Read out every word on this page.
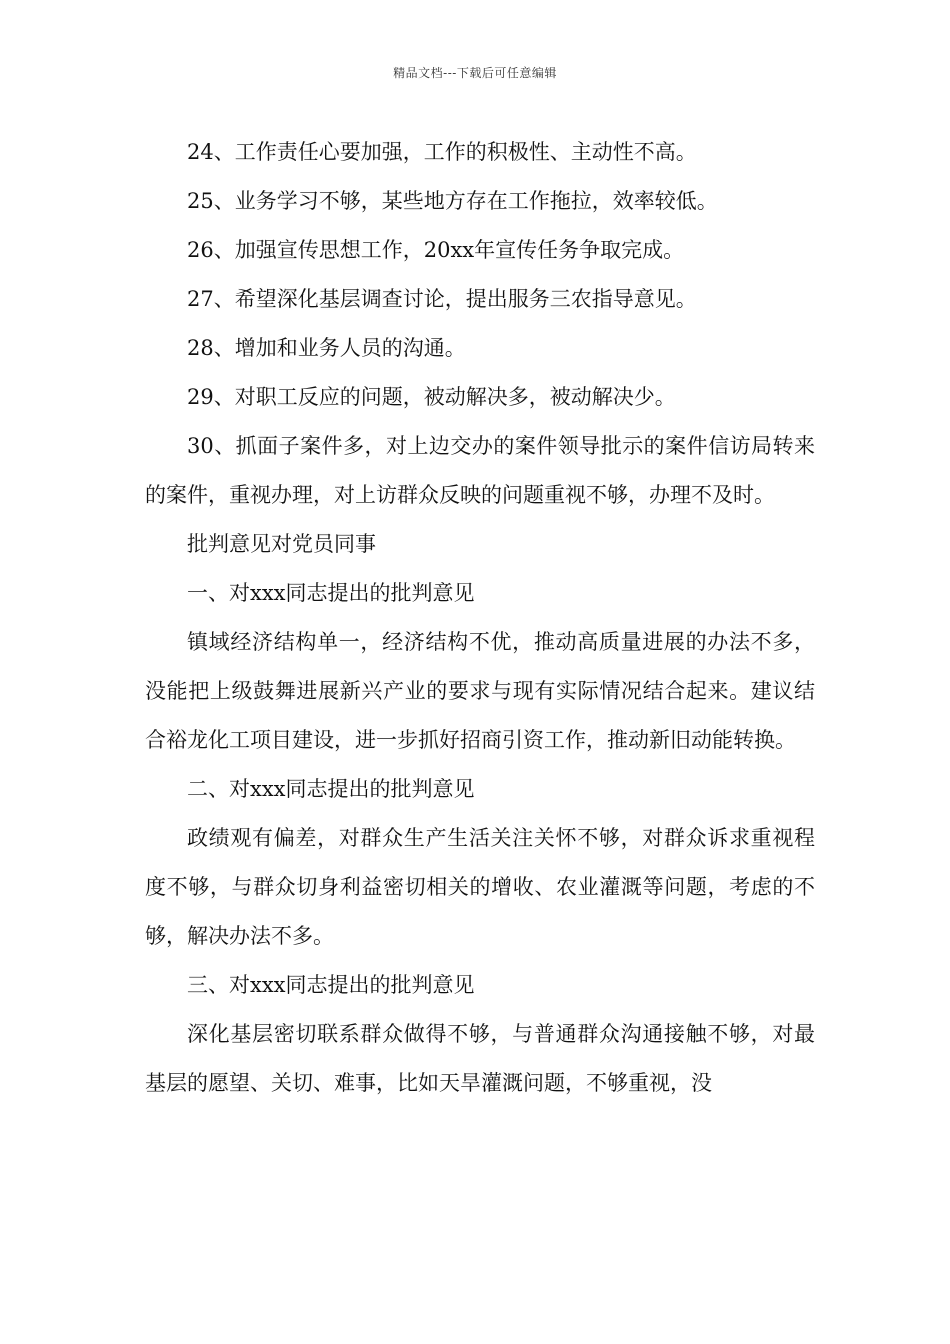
精品文档---下载后可任意编辑

24、工作责任心要加强，工作的积极性、主动性不高。

25、业务学习不够，某些地方存在工作拖拉，效率较低。

26、加强宣传思想工作，20xx年宣传任务争取完成。

27、希望深化基层调查讨论，提出服务三农指导意见。

28、增加和业务人员的沟通。

29、对职工反应的问题，被动解决多，被动解决少。

30、抓面子案件多，对上边交办的案件领导批示的案件信访局转来的案件，重视办理，对上访群众反映的问题重视不够，办理不及时。

批判意见对党员同事

一、对xxx同志提出的批判意见

镇域经济结构单一，经济结构不优，推动高质量进展的办法不多，没能把上级鼓舞进展新兴产业的要求与现有实际情况结合起来。建议结合裕龙化工项目建设，进一步抓好招商引资工作，推动新旧动能转换。

二、对xxx同志提出的批判意见

政绩观有偏差，对群众生产生活关注关怀不够，对群众诉求重视程度不够，与群众切身利益密切相关的增收、农业灌溉等问题，考虑的不够，解决办法不多。

三、对xxx同志提出的批判意见

深化基层密切联系群众做得不够，与普通群众沟通接触不够，对最基层的愿望、关切、难事，比如天旱灌溉问题，不够重视，没
